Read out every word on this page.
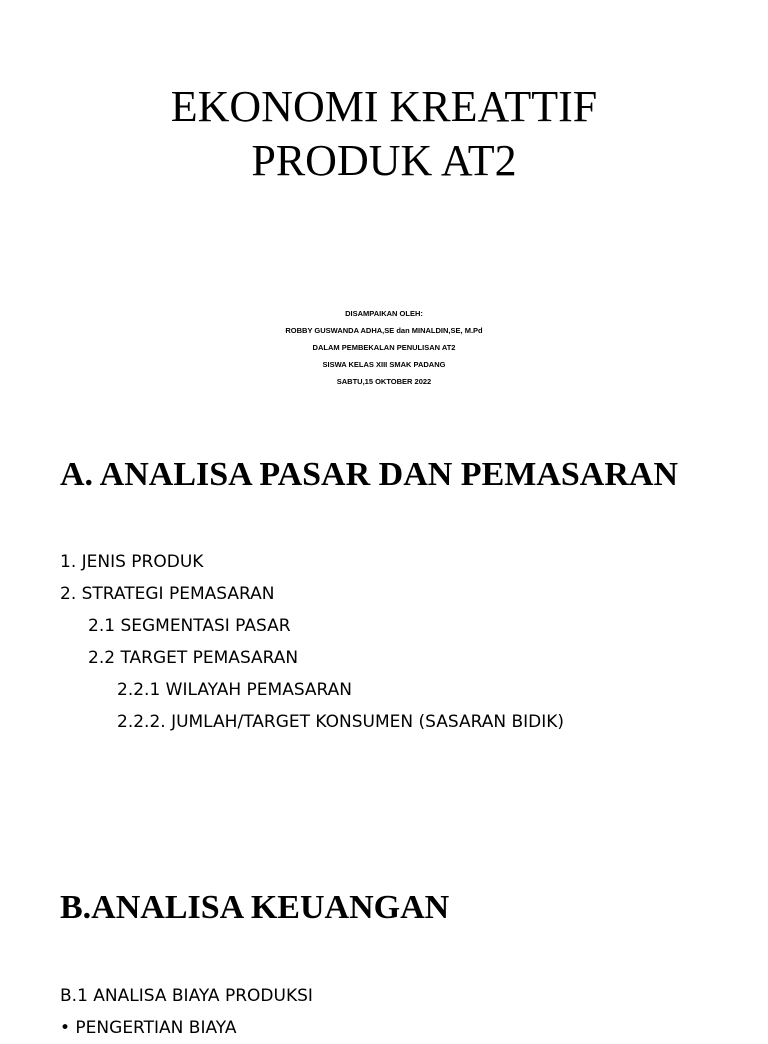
EKONOMI KREATTIF
PRODUK AT2
DISAMPAIKAN OLEH:
ROBBY GUSWANDA ADHA,SE dan MINALDIN,SE, M.Pd
DALAM PEMBEKALAN PENULISAN AT2
SISWA KELAS XIII SMAK PADANG
SABTU,15 OKTOBER 2022
A. ANALISA PASAR DAN PEMASARAN
1. JENIS PRODUK
2. STRATEGI PEMASARAN
2.1 SEGMENTASI PASAR
2.2 TARGET PEMASARAN
2.2.1 WILAYAH PEMASARAN
2.2.2. JUMLAH/TARGET KONSUMEN (SASARAN BIDIK)
B.ANALISA KEUANGAN
B.1 ANALISA BIAYA PRODUKSI
• PENGERTIAN BIAYA
